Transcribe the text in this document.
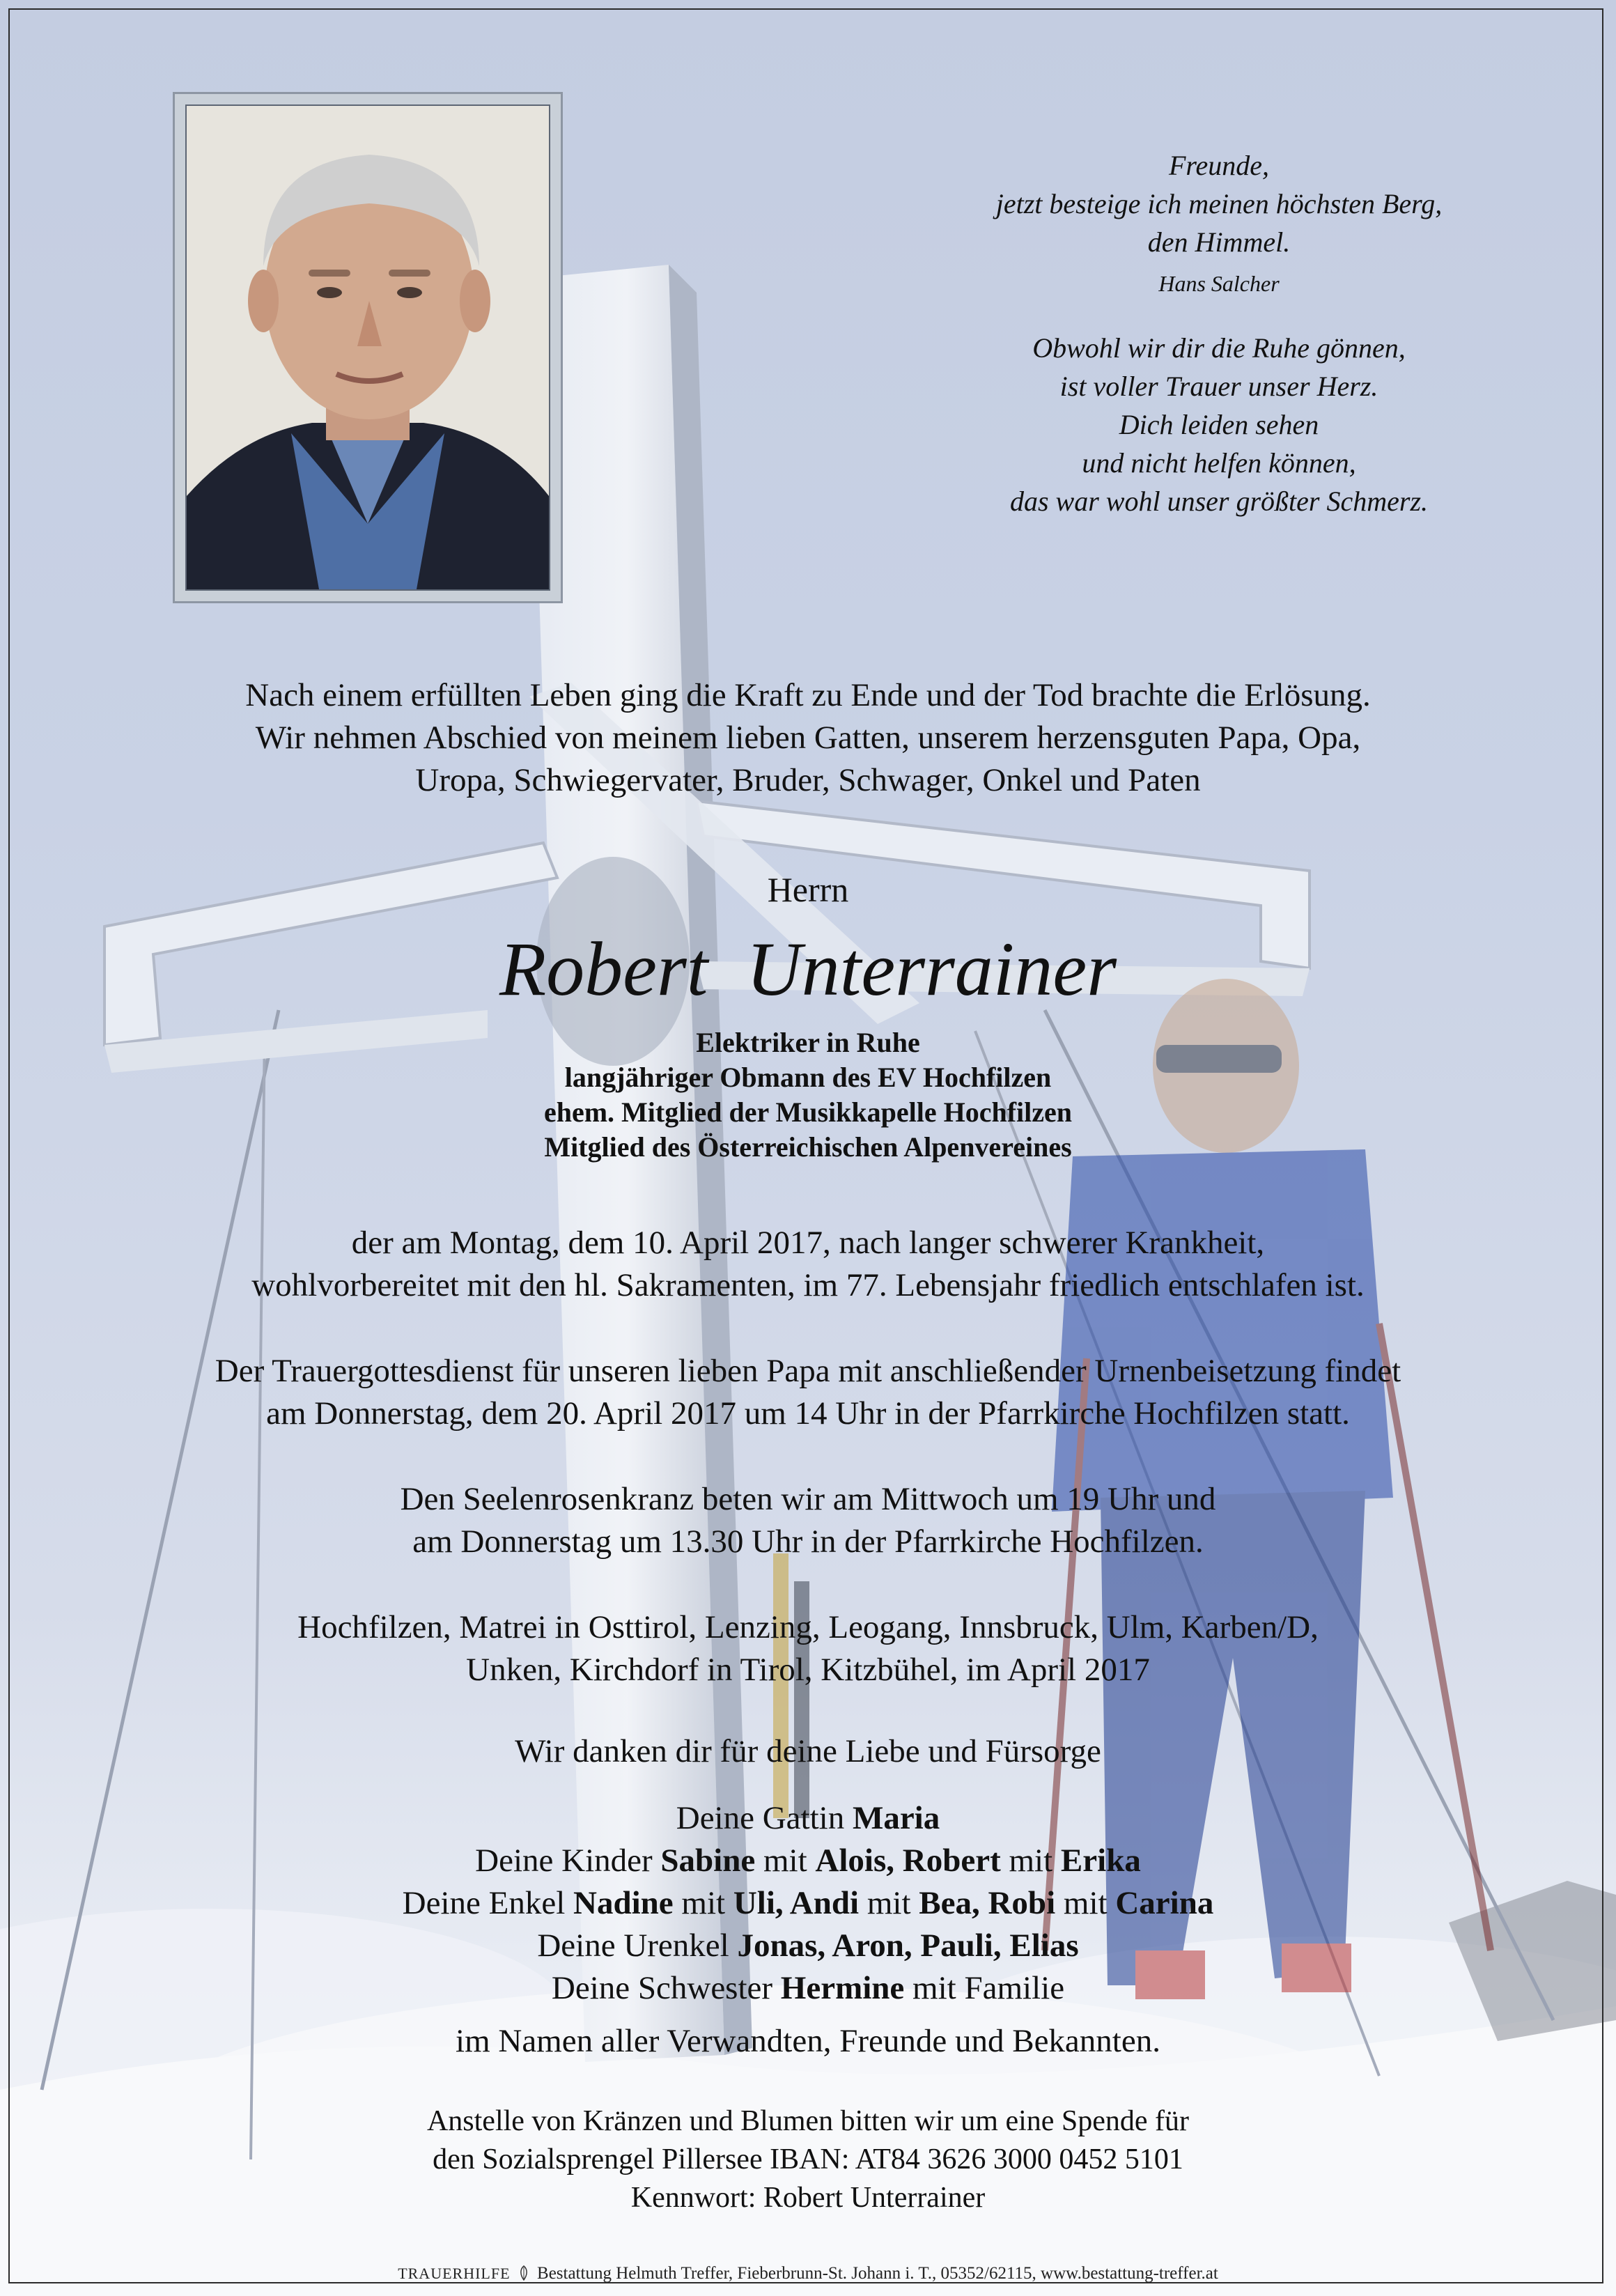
Freunde,

jetzt besteige ich meinen höchsten Berg,

den Himmel.

Hans Salcher

Obwohl wir dir die Ruhe gönnen,

ist voller Trauer unser Herz.

Dich leiden sehen

und nicht helfen können,

das war wohl unser größter Schmerz.

Nach einem erfüllten Leben ging die Kraft zu Ende und der Tod brachte die Erlösung.

Wir nehmen Abschied von meinem lieben Gatten, unserem herzensguten Papa, Opa,

Uropa, Schwiegervater, Bruder, Schwager, Onkel und Paten

Herrn
Robert  Unterrainer

Elektriker in Ruhe

langjähriger Obmann des EV Hochfilzen

ehem. Mitglied der Musikkapelle Hochfilzen

Mitglied des Österreichischen Alpenvereines

der am Montag, dem 10. April 2017, nach langer schwerer Krankheit,

wohlvorbereitet mit den hl. Sakramenten, im 77. Lebensjahr friedlich entschlafen ist.

Der Trauergottesdienst für unseren lieben Papa mit anschließender Urnenbeisetzung findet

am Donnerstag, dem 20. April 2017 um 14 Uhr in der Pfarrkirche Hochfilzen statt.

Den Seelenrosenkranz beten wir am Mittwoch um 19 Uhr und

am Donnerstag um 13.30 Uhr in der Pfarrkirche Hochfilzen.

Hochfilzen, Matrei in Osttirol, Lenzing, Leogang, Innsbruck, Ulm, Karben/D,

Unken, Kirchdorf in Tirol, Kitzbühel, im April 2017

Wir danken dir für deine Liebe und Fürsorge

Deine Gattin Maria

Deine Kinder Sabine mit Alois, Robert mit Erika

Deine Enkel Nadine mit Uli, Andi mit Bea, Robi mit Carina

Deine Urenkel Jonas, Aron, Pauli, Elias

Deine Schwester Hermine mit Familie

im Namen aller Verwandten, Freunde und Bekannten.

Anstelle von Kränzen und Blumen bitten wir um eine Spende für

den Sozialsprengel Pillersee IBAN: AT84 3626 3000 0452 5101

Kennwort: Robert Unterrainer

TRAUERHILFE Bestattung Helmuth Treffer, Fieberbrunn-St. Johann i. T., 05352/62115, www.bestattung-treffer.at
